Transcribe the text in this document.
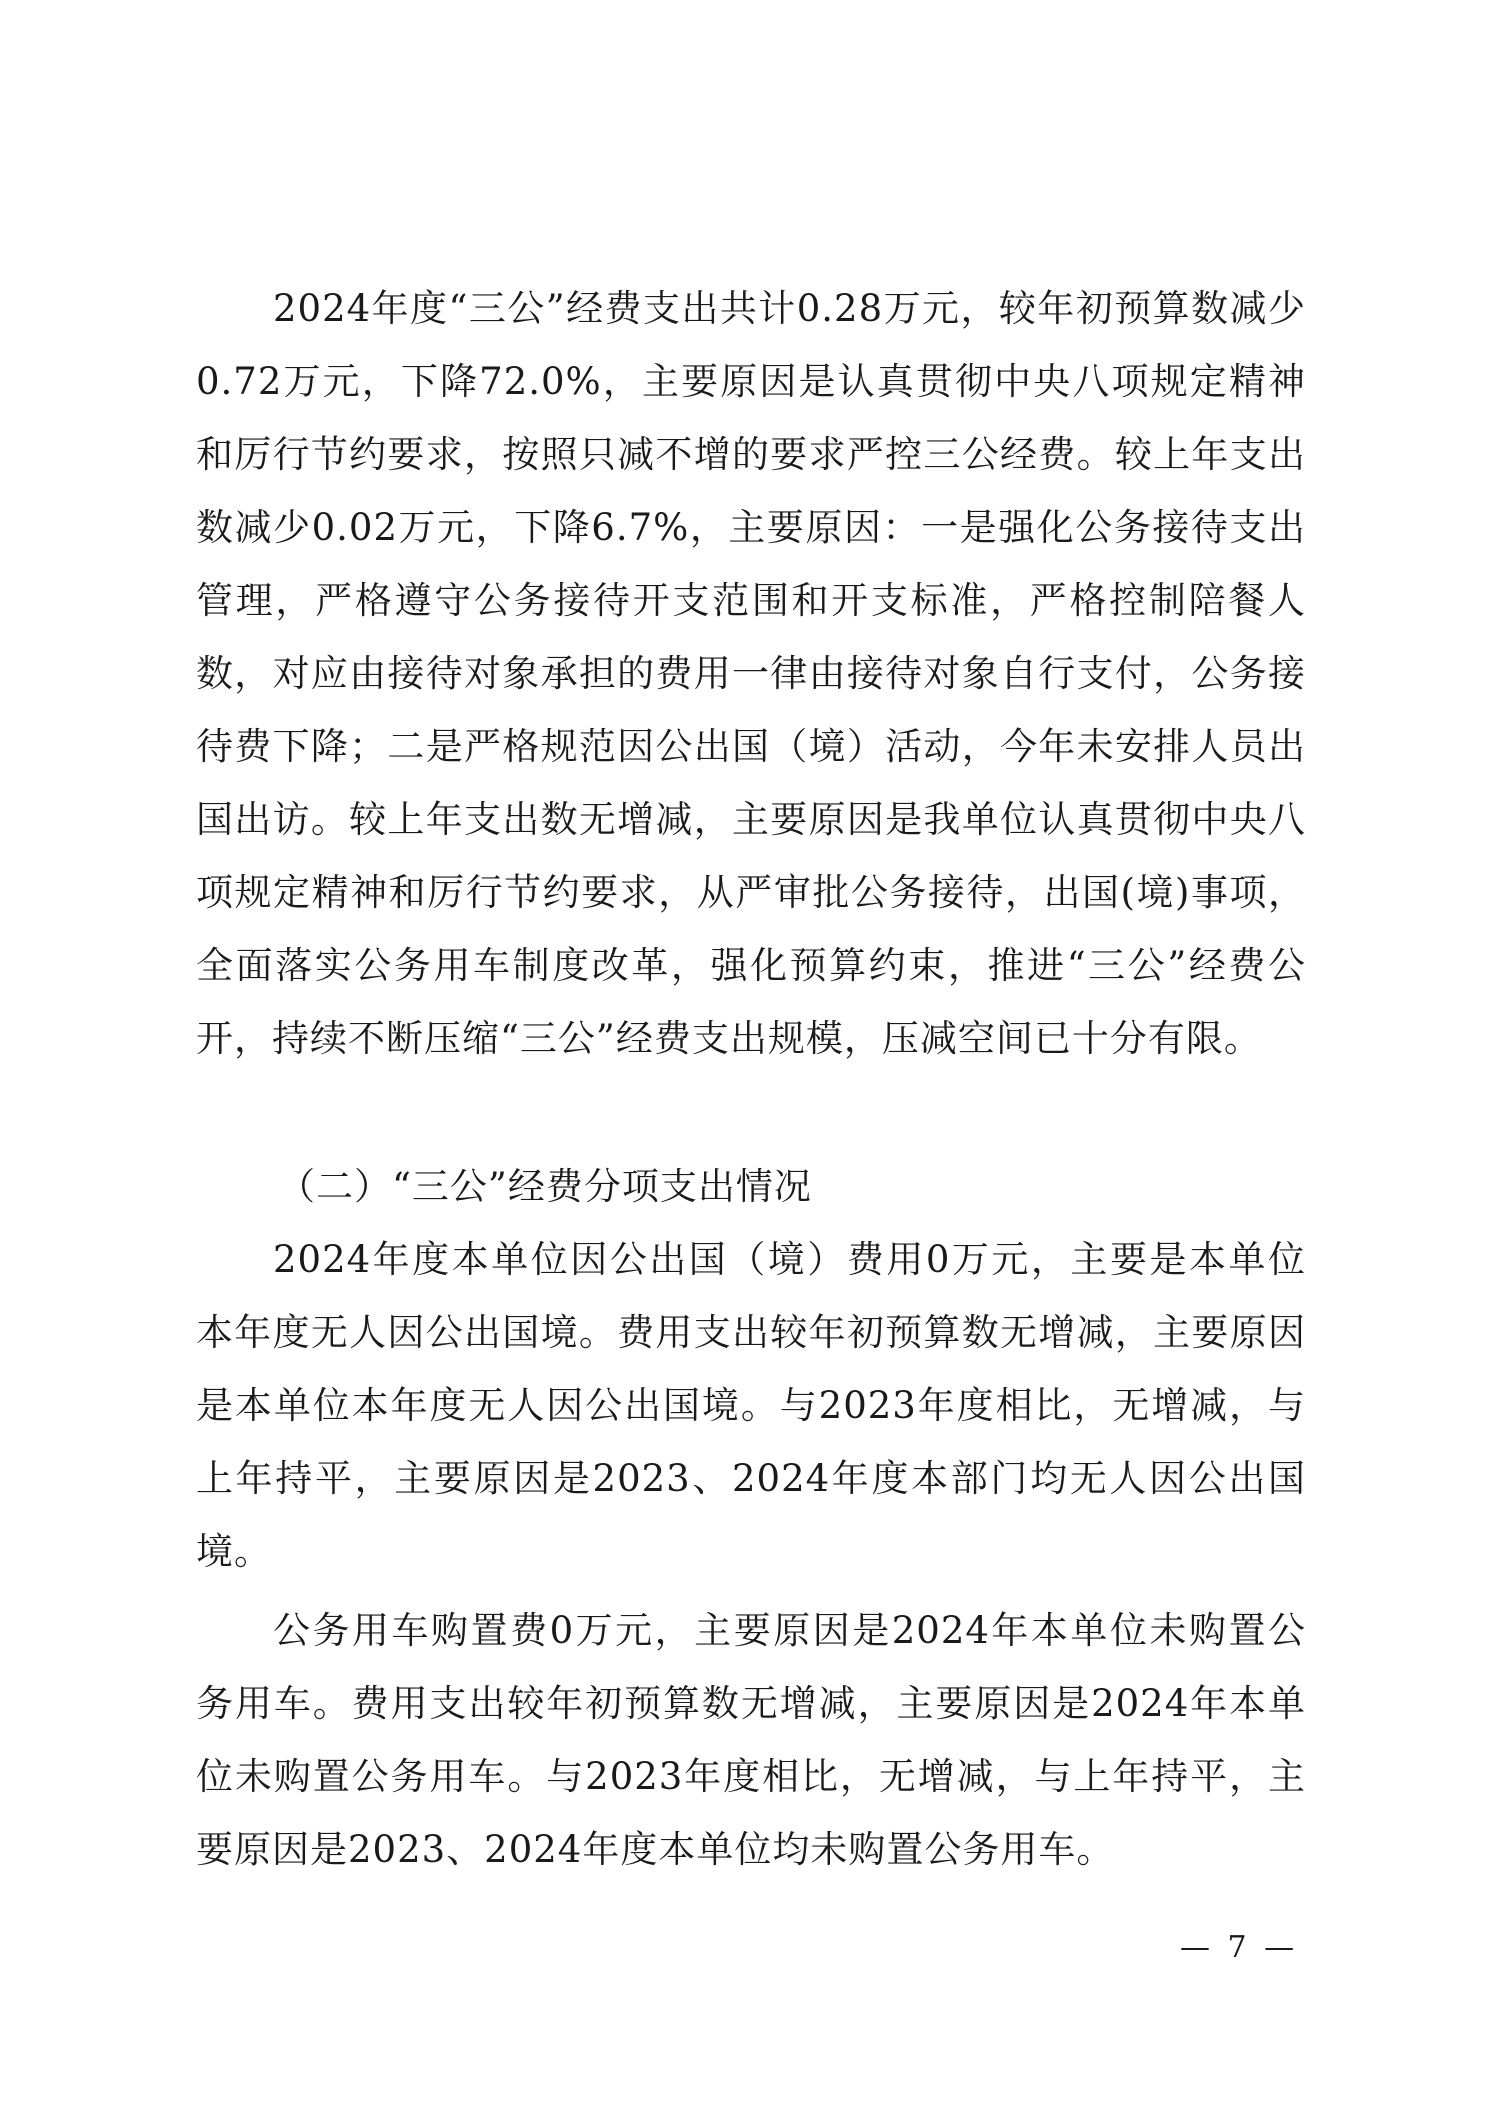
2024年度“三公”经费支出共计0.28万元，较年初预算数减少0.72万元，下降72.0%，主要原因是认真贯彻中央八项规定精神和厉行节约要求，按照只减不增的要求严控三公经费。较上年支出数减少0.02万元，下降6.7%，主要原因：一是强化公务接待支出管理，严格遵守公务接待开支范围和开支标准，严格控制陪餐人数，对应由接待对象承担的费用一律由接待对象自行支付，公务接待费下降；二是严格规范因公出国（境）活动，今年未安排人员出国出访。较上年支出数无增减，主要原因是我单位认真贯彻中央八项规定精神和厉行节约要求，从严审批公务接待，出国(境)事项，全面落实公务用车制度改革，强化预算约束，推进“三公”经费公开，持续不断压缩“三公”经费支出规模，压减空间已十分有限。

（二）“三公”经费分项支出情况

2024年度本单位因公出国（境）费用0万元，主要是本单位本年度无人因公出国境。费用支出较年初预算数无增减，主要原因是本单位本年度无人因公出国境。与2023年度相比，无增减，与上年持平，主要原因是2023、2024年度本部门均无人因公出国境。

公务用车购置费0万元，主要原因是2024年本单位未购置公务用车。费用支出较年初预算数无增减，主要原因是2024年本单位未购置公务用车。与2023年度相比，无增减，与上年持平，主要原因是2023、2024年度本单位均未购置公务用车。

— 7 —
